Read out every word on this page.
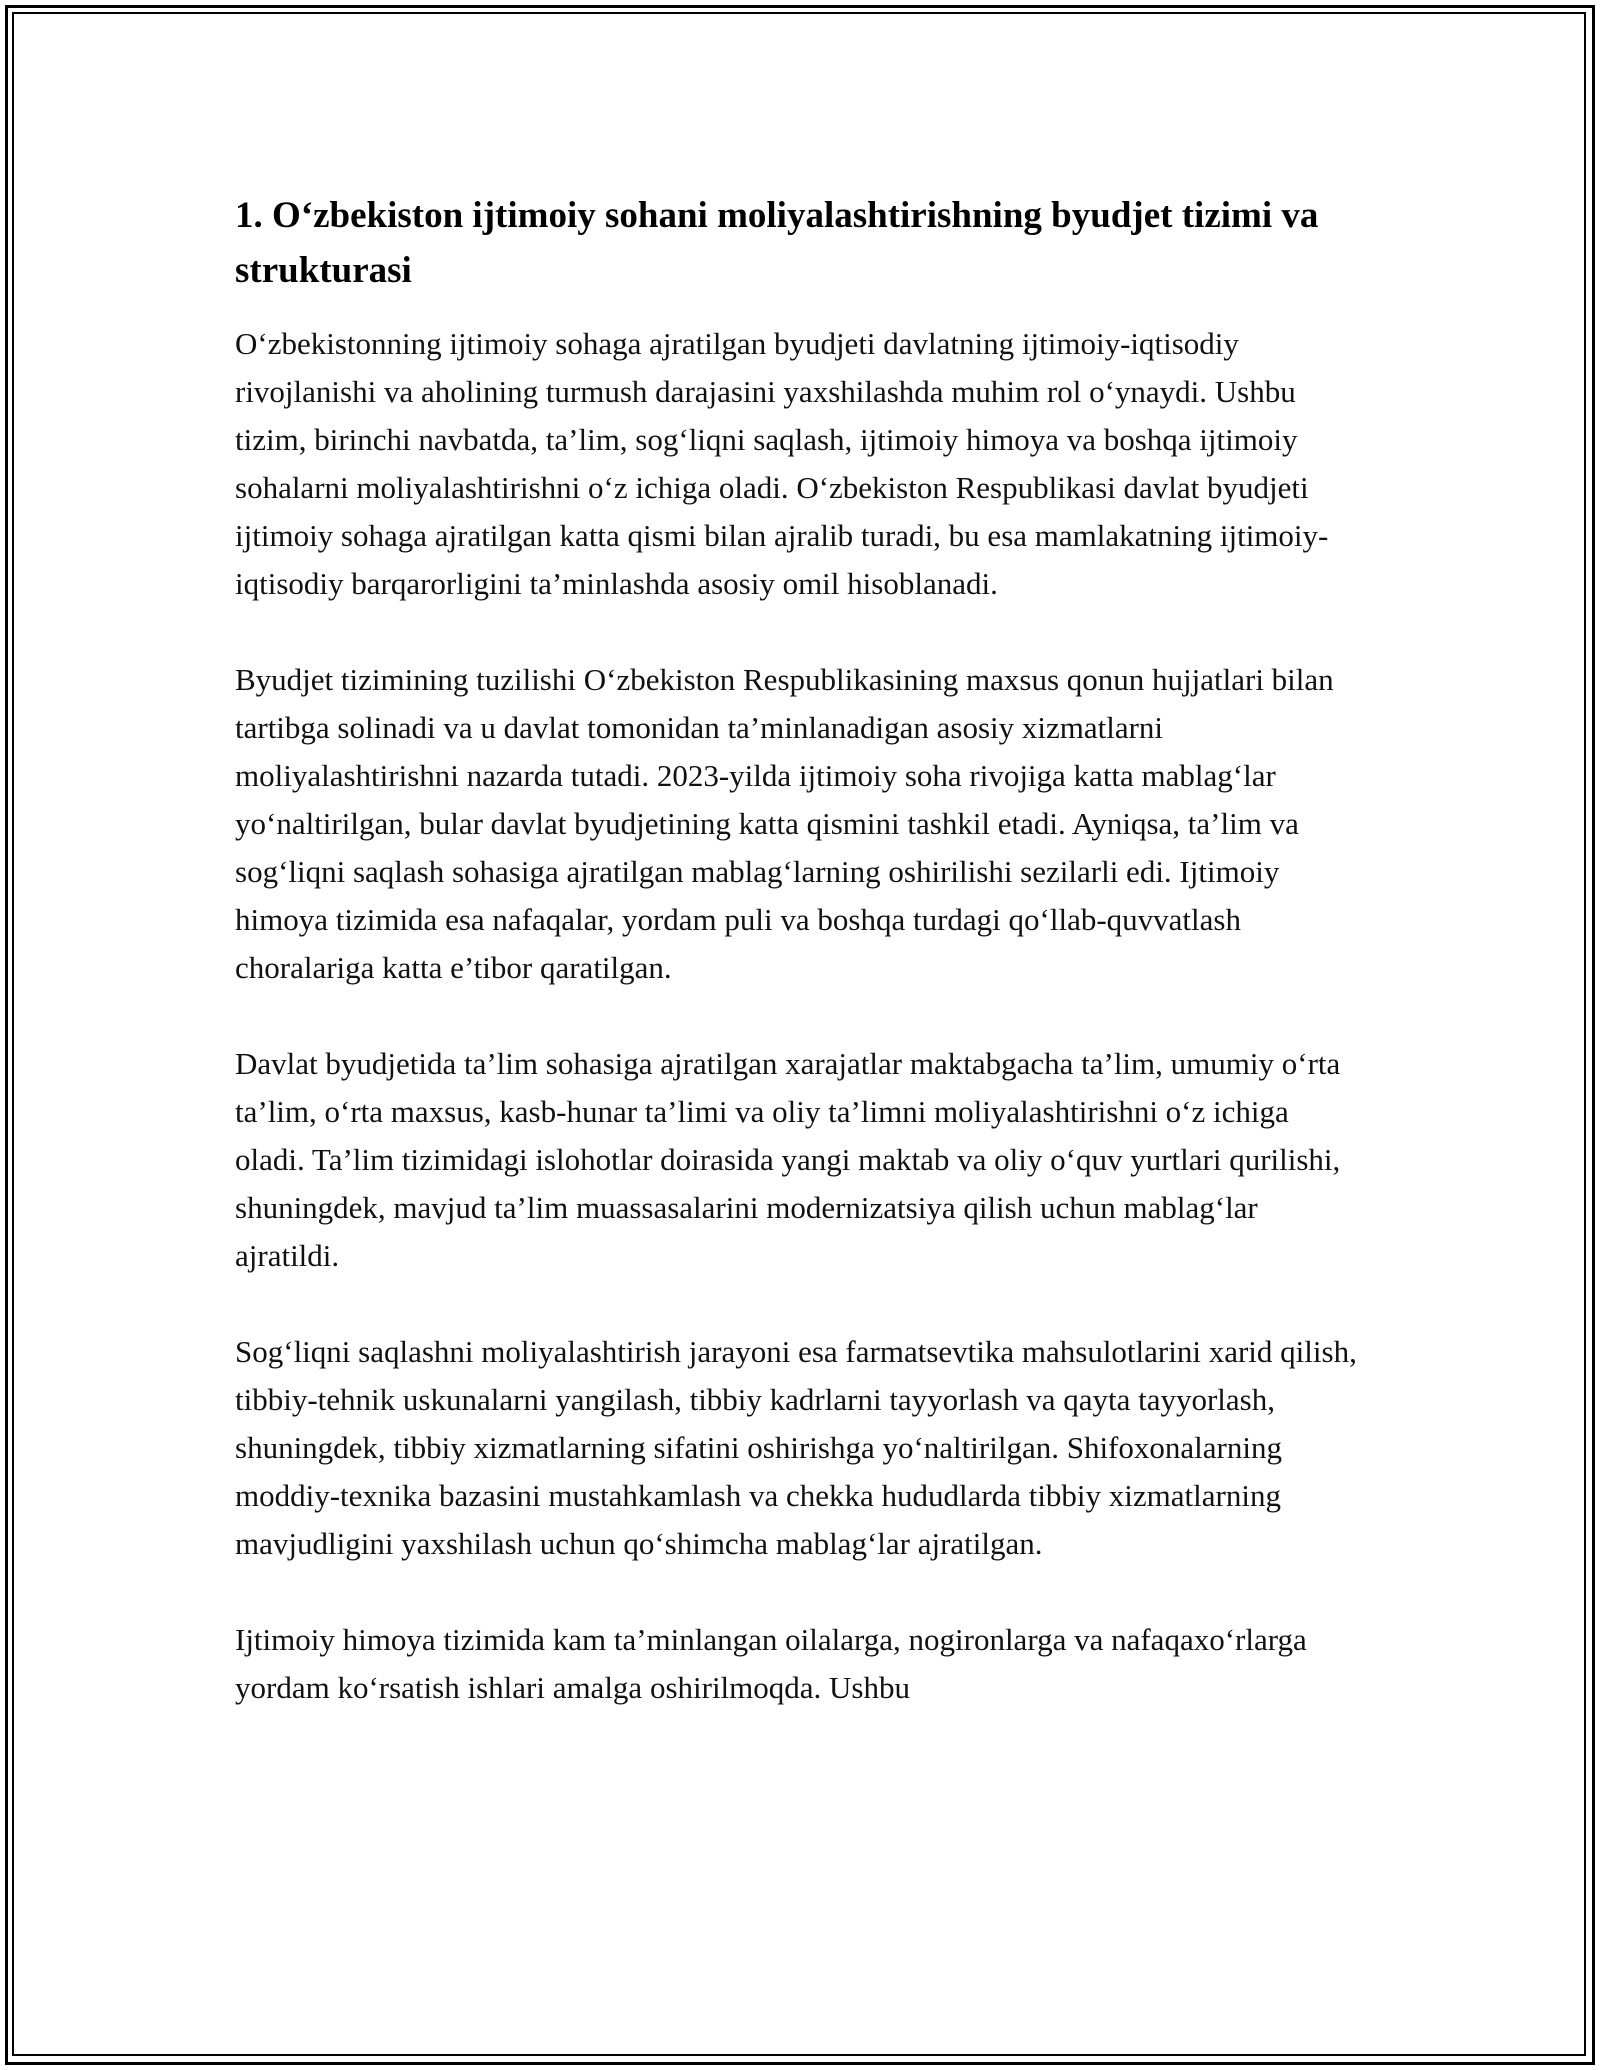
1. O‘zbekiston ijtimoiy sohani moliyalashtirishning byudjet tizimi va strukturasi

O‘zbekistonning ijtimoiy sohaga ajratilgan byudjeti davlatning ijtimoiy-iqtisodiy rivojlanishi va aholining turmush darajasini yaxshilashda muhim rol o‘ynaydi. Ushbu tizim, birinchi navbatda, ta’lim, sog‘liqni saqlash, ijtimoiy himoya va boshqa ijtimoiy sohalarni moliyalashtirishni o‘z ichiga oladi. O‘zbekiston Respublikasi davlat byudjeti ijtimoiy sohaga ajratilgan katta qismi bilan ajralib turadi, bu esa mamlakatning ijtimoiy-iqtisodiy barqarorligini ta’minlashda asosiy omil hisoblanadi.

Byudjet tizimining tuzilishi O‘zbekiston Respublikasining maxsus qonun hujjatlari bilan tartibga solinadi va u davlat tomonidan ta’minlanadigan asosiy xizmatlarni moliyalashtirishni nazarda tutadi. 2023-yilda ijtimoiy soha rivojiga katta mablag‘lar yo‘naltirilgan, bular davlat byudjetining katta qismini tashkil etadi. Ayniqsa, ta’lim va sog‘liqni saqlash sohasiga ajratilgan mablag‘larning oshirilishi sezilarli edi. Ijtimoiy himoya tizimida esa nafaqalar, yordam puli va boshqa turdagi qo‘llab-quvvatlash choralariga katta e’tibor qaratilgan.

Davlat byudjetida ta’lim sohasiga ajratilgan xarajatlar maktabgacha ta’lim, umumiy o‘rta ta’lim, o‘rta maxsus, kasb-hunar ta’limi va oliy ta’limni moliyalashtirishni o‘z ichiga oladi. Ta’lim tizimidagi islohotlar doirasida yangi maktab va oliy o‘quv yurtlari qurilishi, shuningdek, mavjud ta’lim muassasalarini modernizatsiya qilish uchun mablag‘lar ajratildi.

Sog‘liqni saqlashni moliyalashtirish jarayoni esa farmatsevtika mahsulotlarini xarid qilish, tibbiy-tehnik uskunalarni yangilash, tibbiy kadrlarni tayyorlash va qayta tayyorlash, shuningdek, tibbiy xizmatlarning sifatini oshirishga yo‘naltirilgan. Shifoxonalarning moddiy-texnika bazasini mustahkamlash va chekka hududlarda tibbiy xizmatlarning mavjudligini yaxshilash uchun qo‘shimcha mablag‘lar ajratilgan.

Ijtimoiy himoya tizimida kam ta’minlangan oilalarga, nogironlarga va nafaqaxo‘rlarga yordam ko‘rsatish ishlari amalga oshirilmoqda. Ushbu
